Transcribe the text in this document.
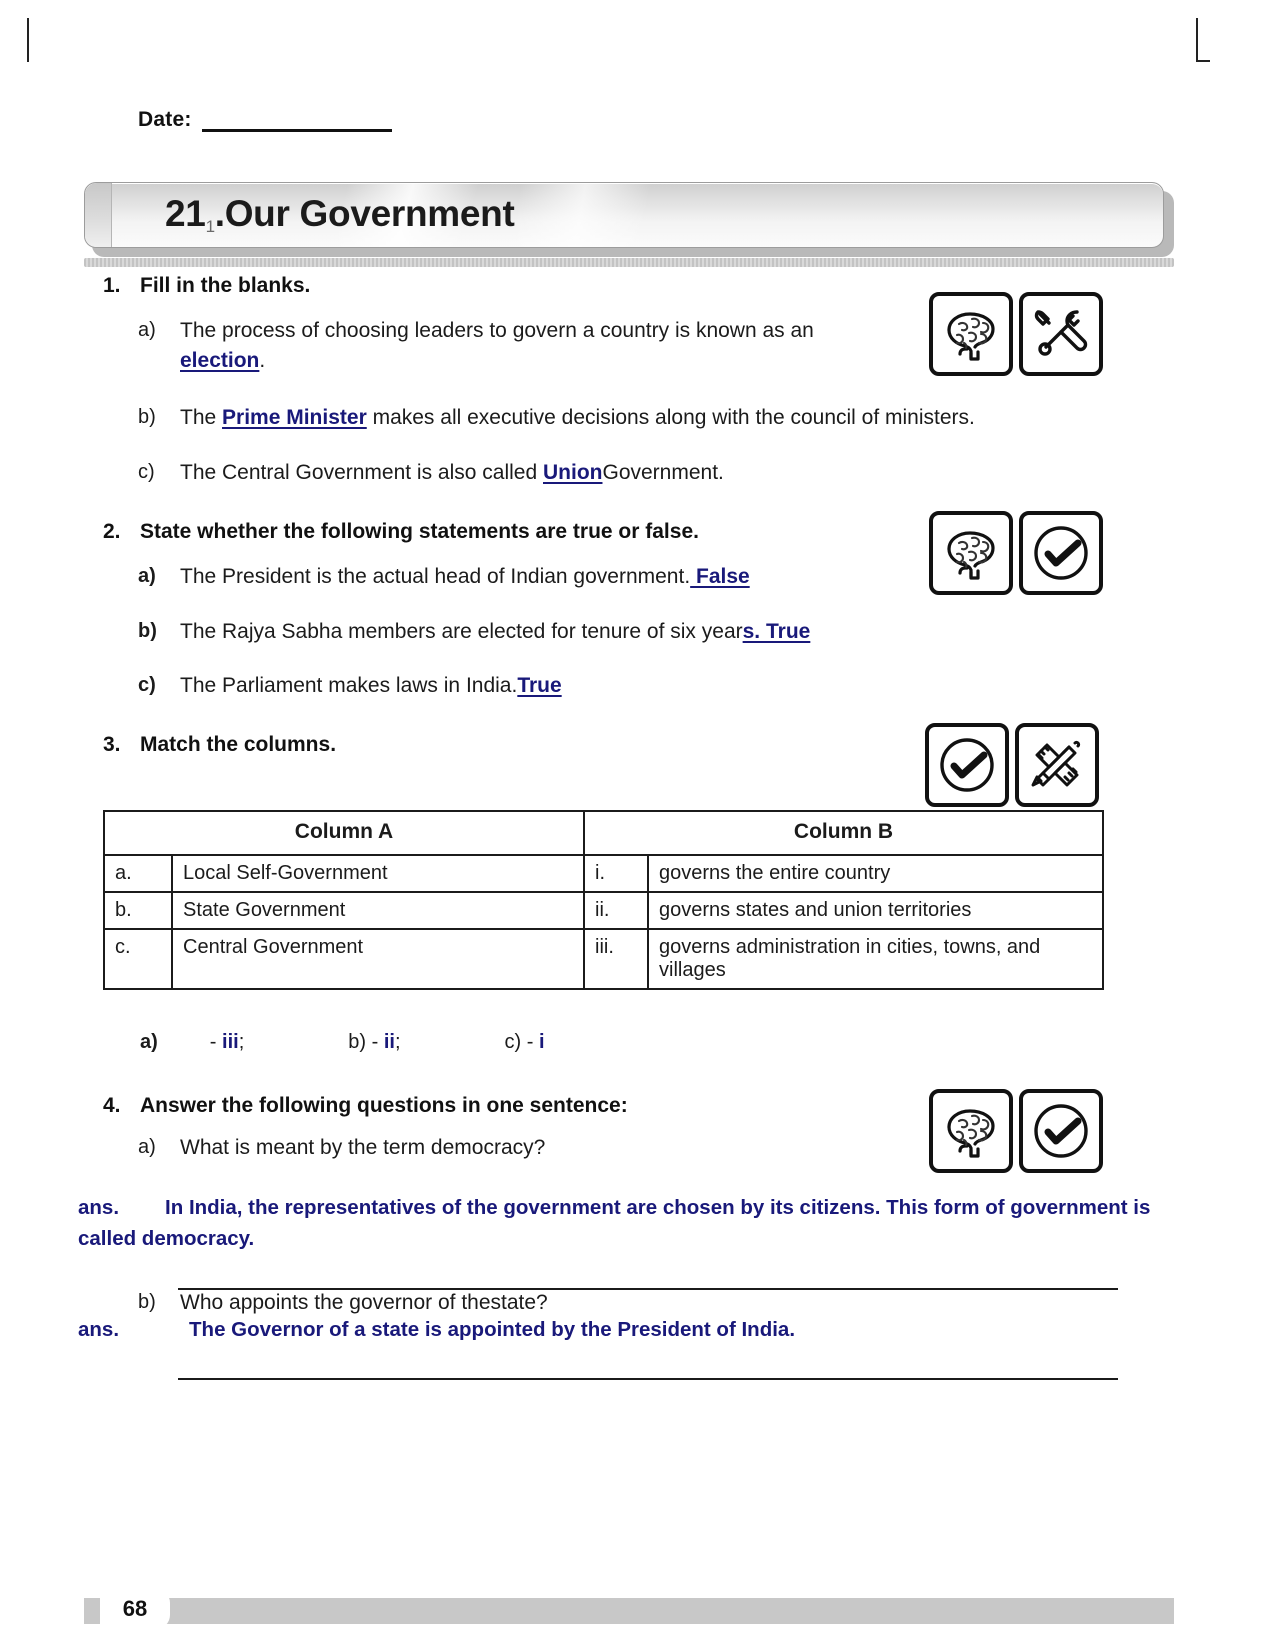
Date:
$21_1.Our$ Government
1. Fill in the blanks.
a) The process of choosing leaders to govern a country is known as an election.
b) The Prime Minister makes all executive decisions along with the council of ministers.
c) The Central Government is also called UnionGovernment.
2. State whether the following statements are true or false.
a) The President is the actual head of Indian government. False
b) The Rajya Sabha members are elected for tenure of six years. True
c) The Parliament makes laws in India.True
3. Match the columns.
Column A		Column B	
a.	Local Self-Government	i.	governs the entire country
b.	State Government	ii.	governs states and union territories
c.	Central Government	iii.	governs administration in cities, towns, and villages
a)	- iii;	b) - ii;	c) - i
4. Answer the following questions in one sentence:
a) What is meant by the term democracy?
ans. In India, the representatives of the government are chosen by its citizens. This form of government is called democracy.
b) Who appoints the governor of thestate?
ans.	The Governor of a state is appointed by the President of India.
68
